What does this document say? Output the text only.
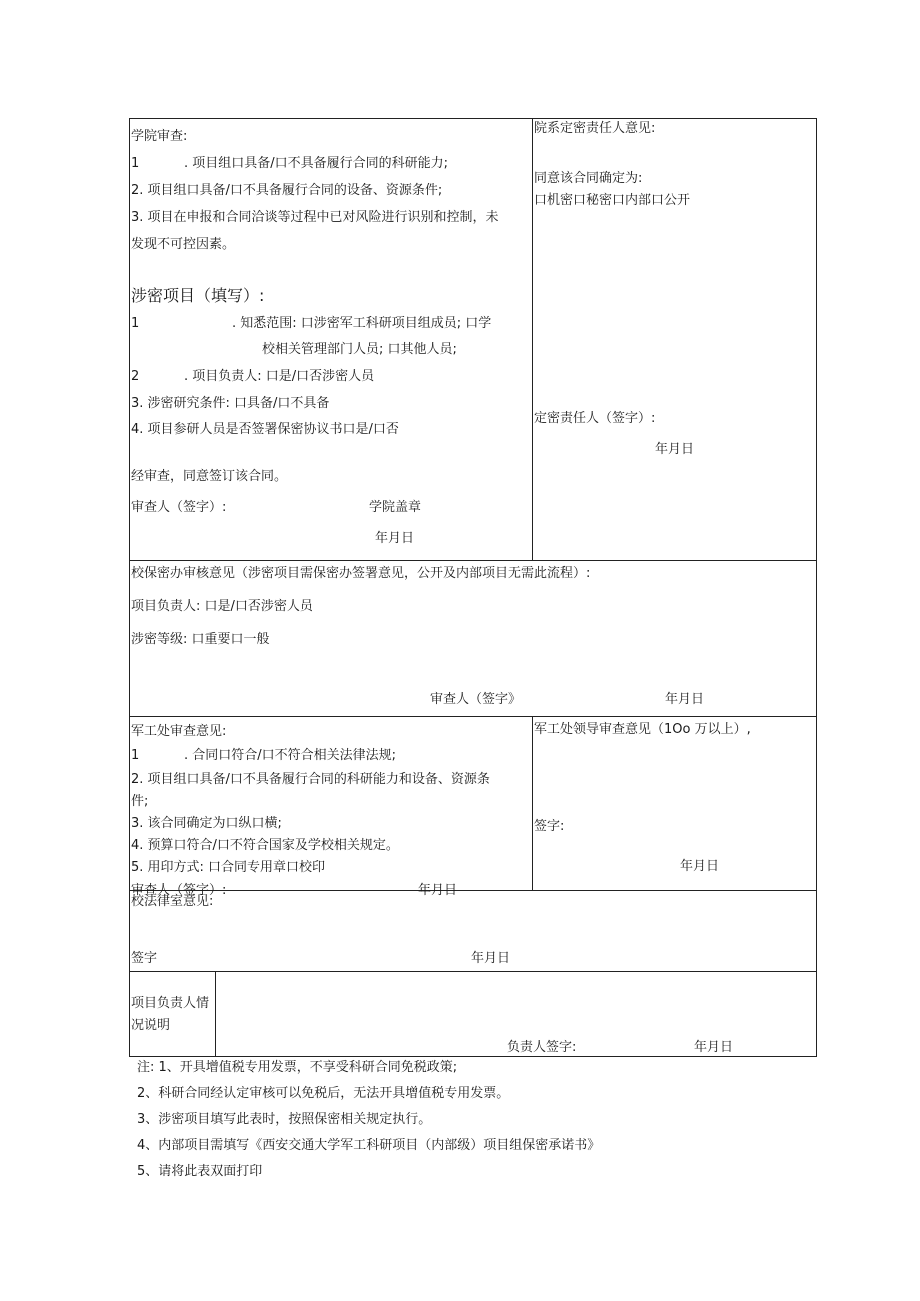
学院审查:
1	. 项目组口具备/口不具备履行合同的科研能力;
2. 项目组口具备/口不具备履行合同的设备、资源条件;
3. 项目在申报和合同洽谈等过程中已对风险进行识别和控制，未
发现不可控因素。
涉密项目（填写）:
1	. 知悉范围: 口涉密军工科研项目组成员; 口学
校相关管理部门人员; 口其他人员;
2	. 项目负责人: 口是/口否涉密人员
3. 涉密研究条件: 口具备/口不具备
4. 项目参研人员是否签署保密协议书口是/口否
经审查，同意签订该合同。
审查人（签字）:	学院盖章
年月日
院系定密责任人意见:
同意该合同确定为:
口机密口秘密口内部口公开
定密责任人（签字）:
年月日
校保密办审核意见（涉密项目需保密办签署意见，公开及内部项目无需此流程）:
项目负责人: 口是/口否涉密人员
涉密等级: 口重要口一般
审查人（签字》	年月日
军工处审查意见:
1	. 合同口符合/口不符合相关法律法规;
2. 项目组口具备/口不具备履行合同的科研能力和设备、资源条
件;
3. 该合同确定为口纵口横;
4. 预算口符合/口不符合国家及学校相关规定。
5. 用印方式: 口合同专用章口校印
审查人（签字）:	年月日
军工处领导审查意见（1Oo 万以上）,
签字:
年月日
校法律室意见:
签字	年月日
项目负责人情
况说明
负责人签字:	年月日
注: 1、开具增值税专用发票，不享受科研合同免税政策;
2、科研合同经认定审核可以免税后，无法开具增值税专用发票。
3、涉密项目填写此表时，按照保密相关规定执行。
4、内部项目需填写《西安交通大学军工科研项目（内部级）项目组保密承诺书》
5、请将此表双面打印
